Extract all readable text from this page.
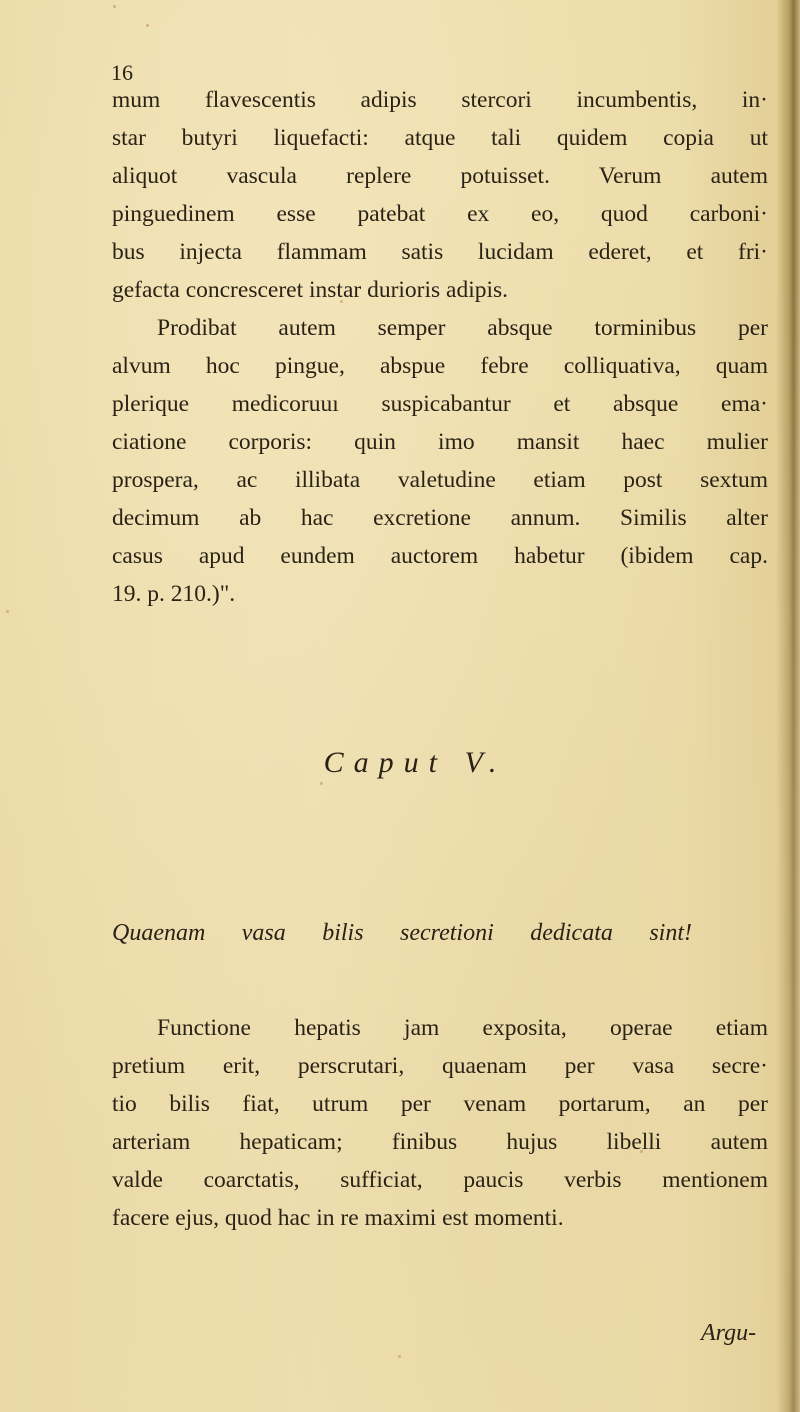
16
mum flavescentis adipis stercori incumbentis, in·
star butyri liquefacti: atque tali quidem copia ut
aliquot vascula replere potuisset. Verum autem
pinguedinem esse patebat ex eo, quod carboni·
bus injecta flammam satis lucidam ederet, et fri·
gefacta concresceret instar durioris adipis.
Prodibat autem semper absque torminibus per
alvum hoc pingue, abspue febre colliquativa, quam
plerique medicoruuı suspicabantur et absque ema·
ciatione corporis: quin imo mansit haec mulier
prospera, ac illibata valetudine etiam post sextum
decimum ab hac excretione annum. Similis alter
casus apud eundem auctorem habetur (ibidem cap.
19. p. 210.)".
Caput V.
Quaenam vasa bilis secretioni dedicata sint!
Functione hepatis jam exposita, operae etiam
pretium erit, perscrutari, quaenam per vasa secre·
tio bilis fiat, utrum per venam portarum, an per
arteriam hepaticam; finibus hujus libelli autem
valde coarctatis, sufficiat, paucis verbis mentionem
facere ejus, quod hac in re maximi est momenti.
Argu-
